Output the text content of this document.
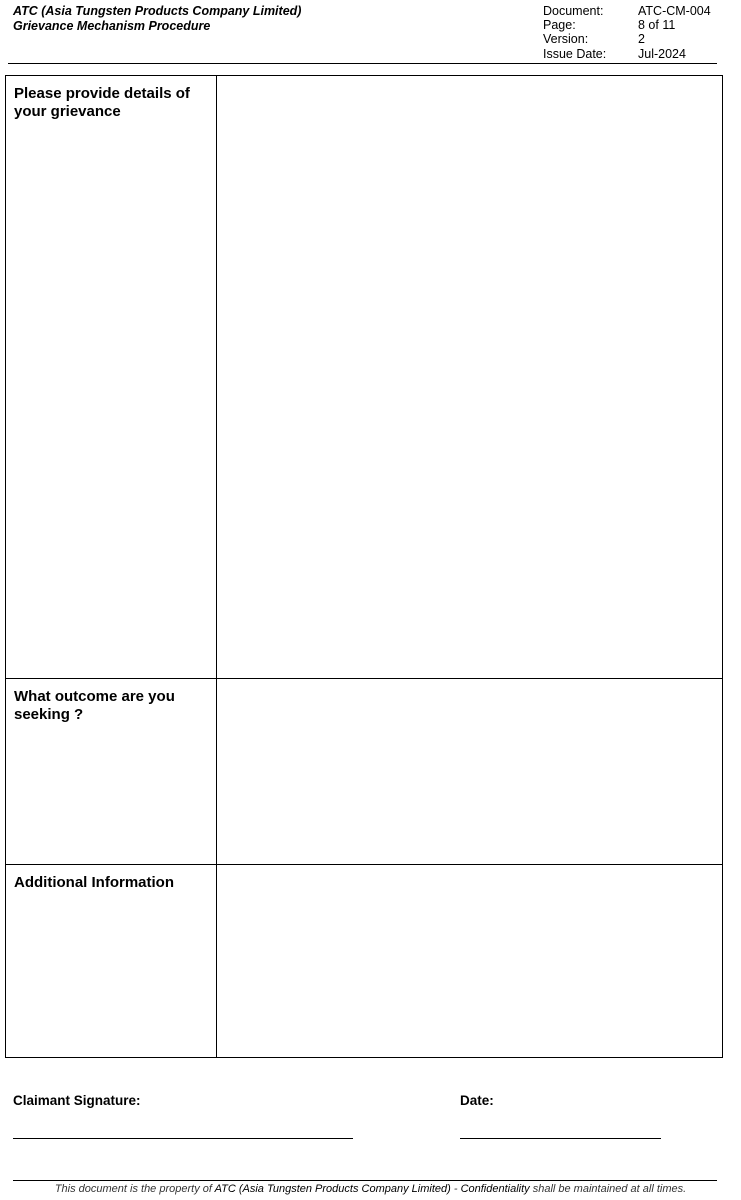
ATC (Asia Tungsten Products Company Limited)
Grievance Mechanism Procedure
Document:	ATC-CM-004
Page:	8 of 11
Version:	2
Issue Date:	Jul-2024
Please provide details of your grievance	
What outcome are you seeking ?	
Additional Information	
Claimant Signature:	Date:
This document is the property of ATC (Asia Tungsten Products Company Limited) - Confidentiality shall be maintained at all times.
